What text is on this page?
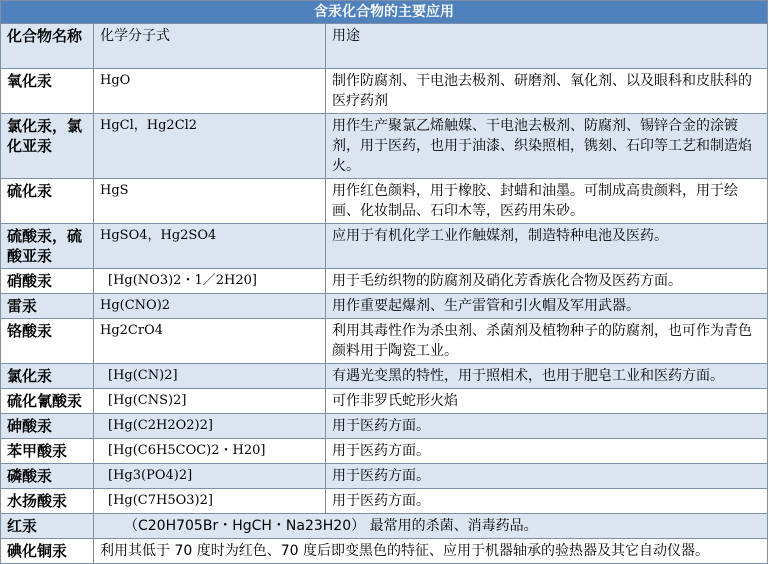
含汞化合物的主要应用		
化合物名称	化学分子式	用途
氧化汞	HgO	制作防腐剂、干电池去极剂、研磨剂、氧化剂、以及眼科和皮肤科的医疗药剂
氯化汞，氯化亚汞	HgCl，Hg2Cl2	用作生产聚氯乙烯触媒、干电池去极剂、防腐剂、锡锌合金的涂镀剂，用于医药，也用于油漆、织染照相，镌刻、石印等工艺和制造焰火。
硫化汞	HgS	用作红色颜料，用于橡胶、封蜡和油墨。可制成高贵颜料，用于绘画、化妆制品、石印木等，医药用朱砂。
硫酸汞，硫酸亚汞	HgSO4，Hg2SO4	应用于有机化学工业作触媒剂，制造特种电池及医药。
硝酸汞	[Hg(NO3)2・1／2H20]	用于毛纺织物的防腐剂及硝化芳香族化合物及医药方面。
雷汞	Hg(CNO)2	用作重要起爆剂、生产雷管和引火帽及军用武器。
铬酸汞	Hg2CrO4	利用其毒性作为杀虫剂、杀菌剂及植物种子的防腐剂，也可作为青色颜料用于陶瓷工业。
氯化汞	[Hg(CN)2]	有遇光变黑的特性，用于照相术，也用于肥皂工业和医药方面。
硫化氰酸汞	[Hg(CNS)2]	可作非罗氏蛇形火焰
砷酸汞	[Hg(C2H2O2)2]	用于医药方面。
苯甲酸汞	[Hg(C6H5COC)2・H20]	用于医药方面。
磷酸汞	[Hg3(PO4)2]	用于医药方面。
水扬酸汞	[Hg(C7H5O3)2]	用于医药方面。
红汞	（C20H705Br・HgCH・Na23H20） 最常用的杀菌、消毒药品。	
碘化铜汞	利用其低于 70 度时为红色、70 度后即变黑色的特征、应用于机器轴承的验热器及其它自动仪器。	
